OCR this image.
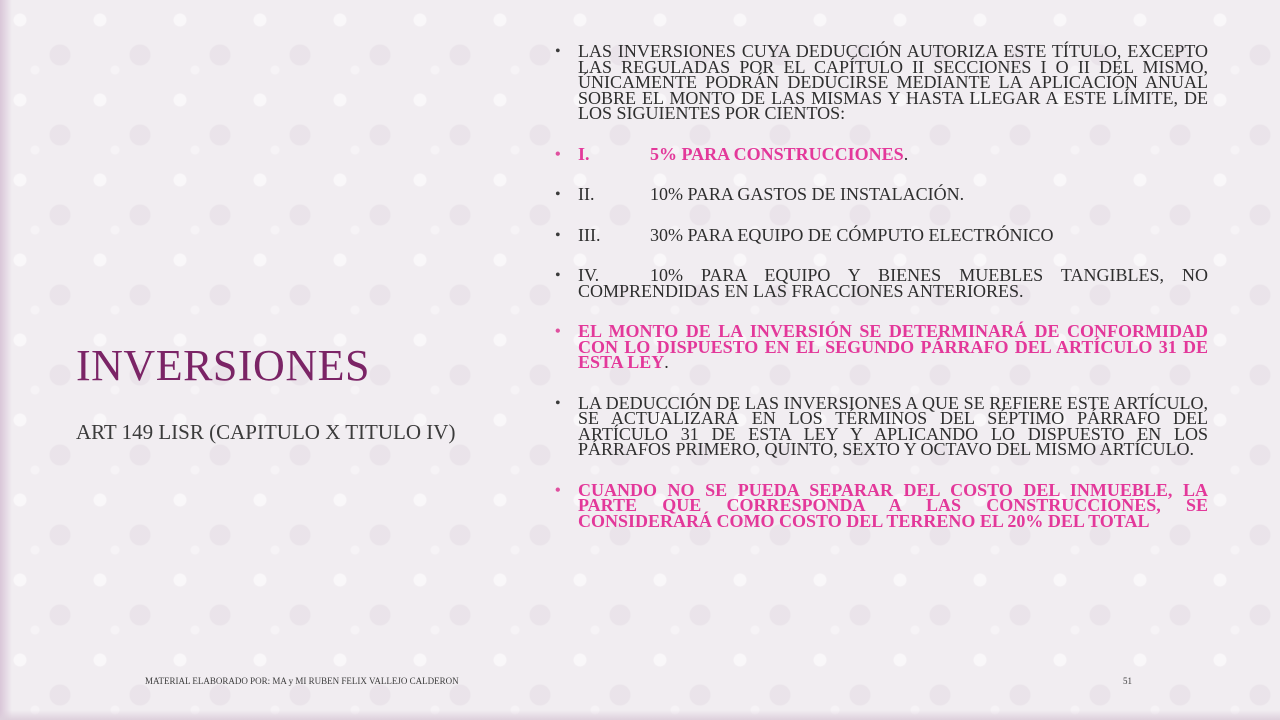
INVERSIONES
ART 149 LISR (CAPITULO X TITULO IV)
• LAS INVERSIONES CUYA DEDUCCIÓN AUTORIZA ESTE TÍTULO, EXCEPTO LAS REGULADAS POR EL CAPÍTULO II SECCIONES I O II DEL MISMO, ÚNICAMENTE PODRÁN DEDUCIRSE MEDIANTE LA APLICACIÓN ANUAL SOBRE EL MONTO DE LAS MISMAS Y HASTA LLEGAR A ESTE LÍMITE, DE LOS SIGUIENTES POR CIENTOS:
• I.	5% PARA CONSTRUCCIONES.
• II.	10% PARA GASTOS DE INSTALACIÓN.
• III.	30% PARA EQUIPO DE CÓMPUTO ELECTRÓNICO
• IV.	10% PARA EQUIPO Y BIENES MUEBLES TANGIBLES, NO COMPRENDIDAS EN LAS FRACCIONES ANTERIORES.
• EL MONTO DE LA INVERSIÓN SE DETERMINARÁ DE CONFORMIDAD CON LO DISPUESTO EN EL SEGUNDO PÁRRAFO DEL ARTÍCULO 31 DE ESTA LEY.
• LA DEDUCCIÓN DE LAS INVERSIONES A QUE SE REFIERE ESTE ARTÍCULO, SE ACTUALIZARÁ EN LOS TÉRMINOS DEL SÉPTIMO PÁRRAFO DEL ARTÍCULO 31 DE ESTA LEY Y APLICANDO LO DISPUESTO EN LOS PÁRRAFOS PRIMERO, QUINTO, SEXTO Y OCTAVO DEL MISMO ARTÍCULO.
• CUANDO NO SE PUEDA SEPARAR DEL COSTO DEL INMUEBLE, LA PARTE QUE CORRESPONDA A LAS CONSTRUCCIONES, SE CONSIDERARÁ COMO COSTO DEL TERRENO EL 20% DEL TOTAL
MATERIAL ELABORADO POR: MA y MI RUBEN FELIX VALLEJO CALDERON	51
